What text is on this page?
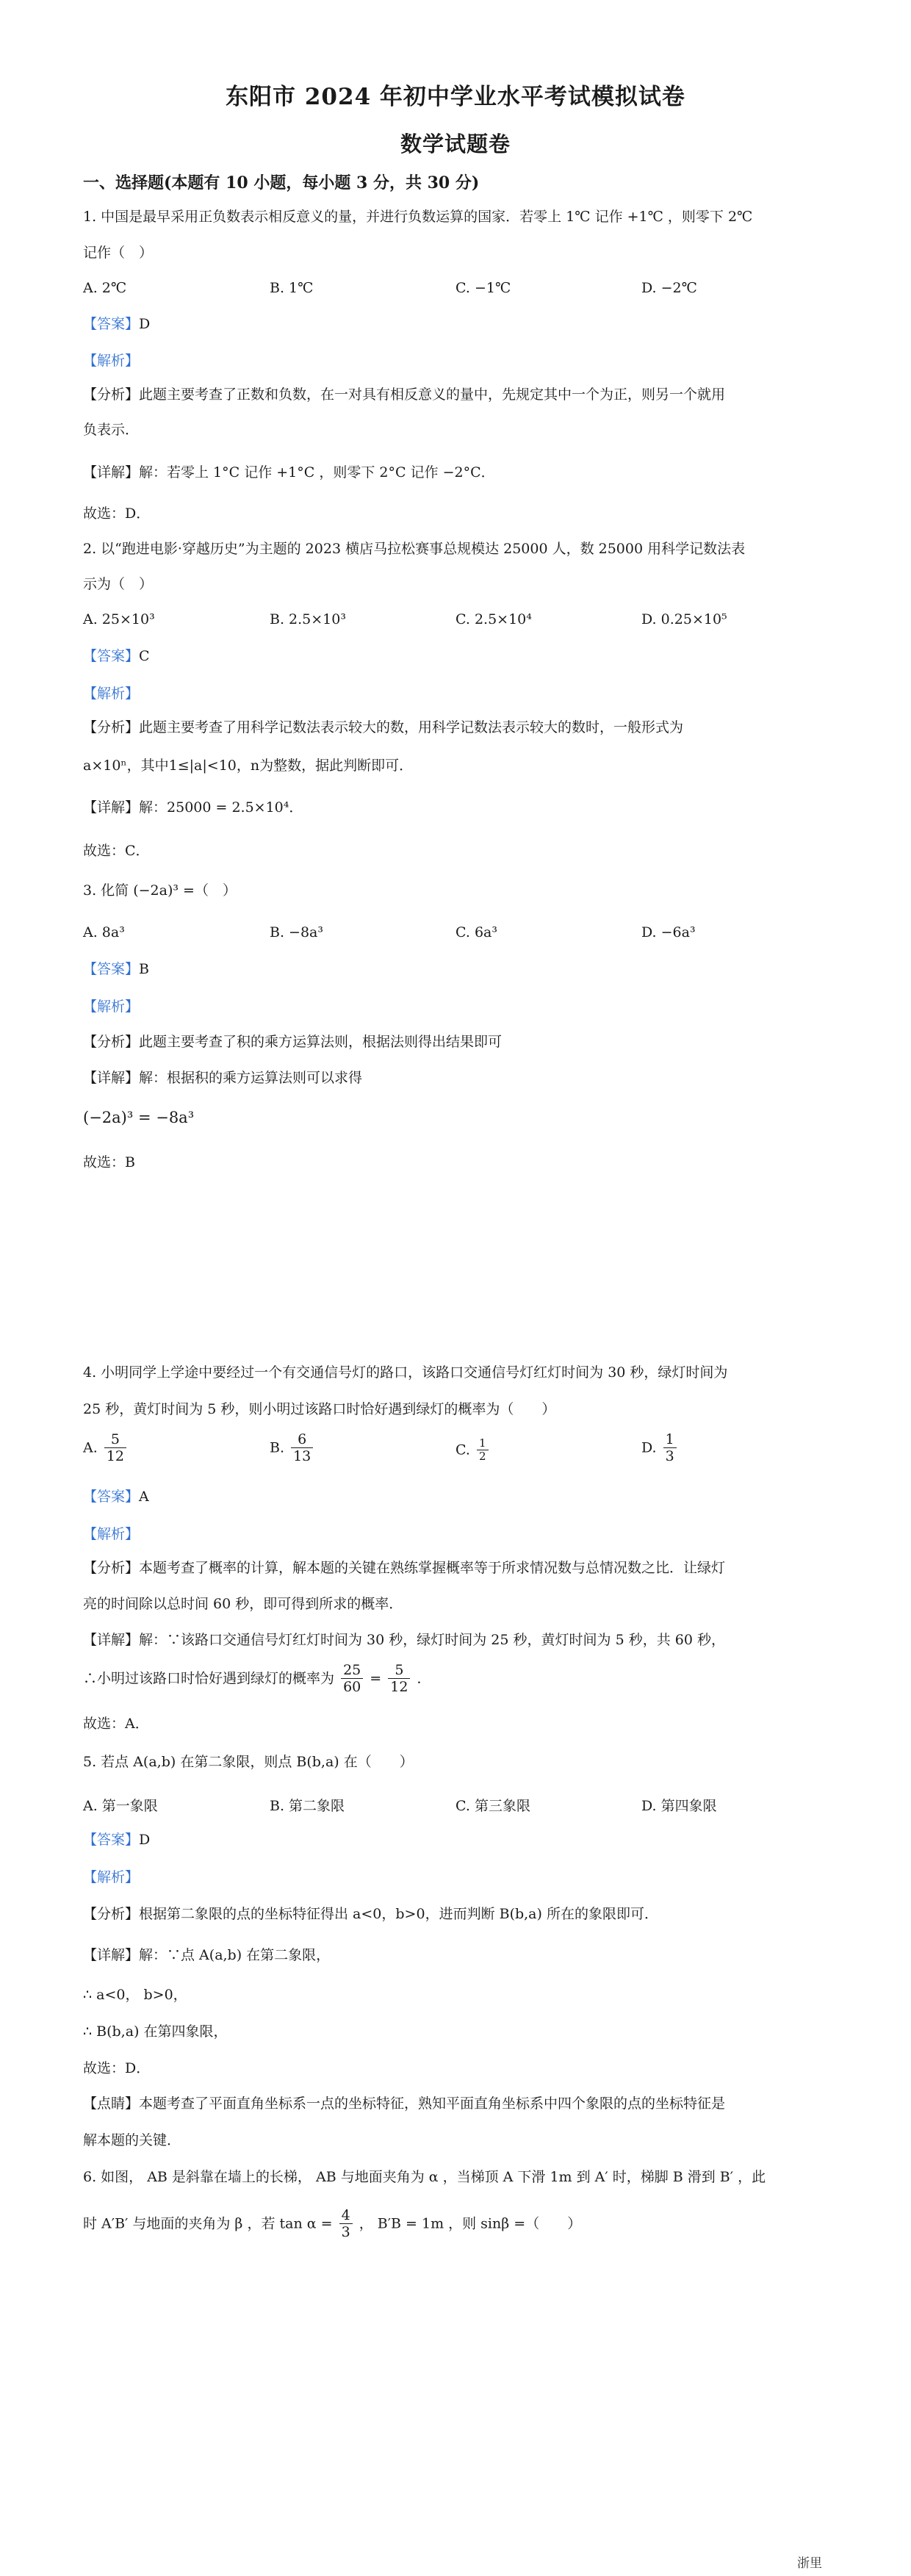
东阳市 2024 年初中学业水平考试模拟试卷
数学试题卷
一、选择题(本题有 10 小题，每小题 3 分，共 30 分)
1. 中国是最早采用正负数表示相反意义的量，并进行负数运算的国家．若零上 1℃ 记作 +1℃ ，则零下 2℃
记作（　）
A. 2℃	B. 1℃	C. −1℃	D. −2℃
【答案】D
【解析】
【分析】此题主要考查了正数和负数，在一对具有相反意义的量中，先规定其中一个为正，则另一个就用
负表示．
【详解】解：若零上 1°C 记作 +1°C ，则零下 2°C 记作 −2°C．
故选：D．
2. 以“跑进电影·穿越历史”为主题的 2023 横店马拉松赛事总规模达 25000 人，数 25000 用科学记数法表
示为（　）
A. 25×10³	B. 2.5×10³	C. 2.5×10⁴	D. 0.25×10⁵
【答案】C
【解析】
【分析】此题主要考查了用科学记数法表示较大的数，用科学记数法表示较大的数时，一般形式为
a×10ⁿ，其中1≤|a|<10，n为整数，据此判断即可．
【详解】解：25000 = 2.5×10⁴．
故选：C．
3. 化简 (−2a)³ =（　）
A. 8a³	B. −8a³	C. 6a³	D. −6a³
【答案】B
【解析】
【分析】此题主要考查了积的乘方运算法则，根据法则得出结果即可
【详解】解：根据积的乘方运算法则可以求得
(−2a)³ = −8a³
故选：B
4. 小明同学上学途中要经过一个有交通信号灯的路口，该路口交通信号灯红灯时间为 30 秒，绿灯时间为
25 秒，黄灯时间为 5 秒，则小明过该路口时恰好遇到绿灯的概率为（　　）
A. $\frac{5}{12}$	B. $\frac{6}{13}$	C. $\frac{1}{2}$	D. $\frac{1}{3}$
【答案】A
【解析】
【分析】本题考查了概率的计算，解本题的关键在熟练掌握概率等于所求情况数与总情况数之比．让绿灯
亮的时间除以总时间 60 秒，即可得到所求的概率．
【详解】解：∵该路口交通信号灯红灯时间为 30 秒，绿灯时间为 25 秒，黄灯时间为 5 秒，共 60 秒，
∴小明过该路口时恰好遇到绿灯的概率为 $\frac{25}{60} = \frac{5}{12}$ ．
故选：A．
5. 若点 A(a,b) 在第二象限，则点 B(b,a) 在（　　）
A. 第一象限	B. 第二象限	C. 第三象限	D. 第四象限
【答案】D
【解析】
【分析】根据第二象限的点的坐标特征得出 a<0，b>0，进而判断 B(b,a) 所在的象限即可．
【详解】解：∵点 A(a,b) 在第二象限，
∴ a<0， b>0，
∴ B(b,a) 在第四象限，
故选：D．
【点睛】本题考查了平面直角坐标系一点的坐标特征，熟知平面直角坐标系中四个象限的点的坐标特征是
解本题的关键．
6. 如图， AB 是斜靠在墙上的长梯， AB 与地面夹角为 α ，当梯顶 A 下滑 1m 到 A′ 时，梯脚 B 滑到 B′ ，此
时 A′B′ 与地面的夹角为 β ，若 $\tan \alpha = \frac{4}{3}$ ， B′B = 1m ，则 sinβ =（　　）
浙里
